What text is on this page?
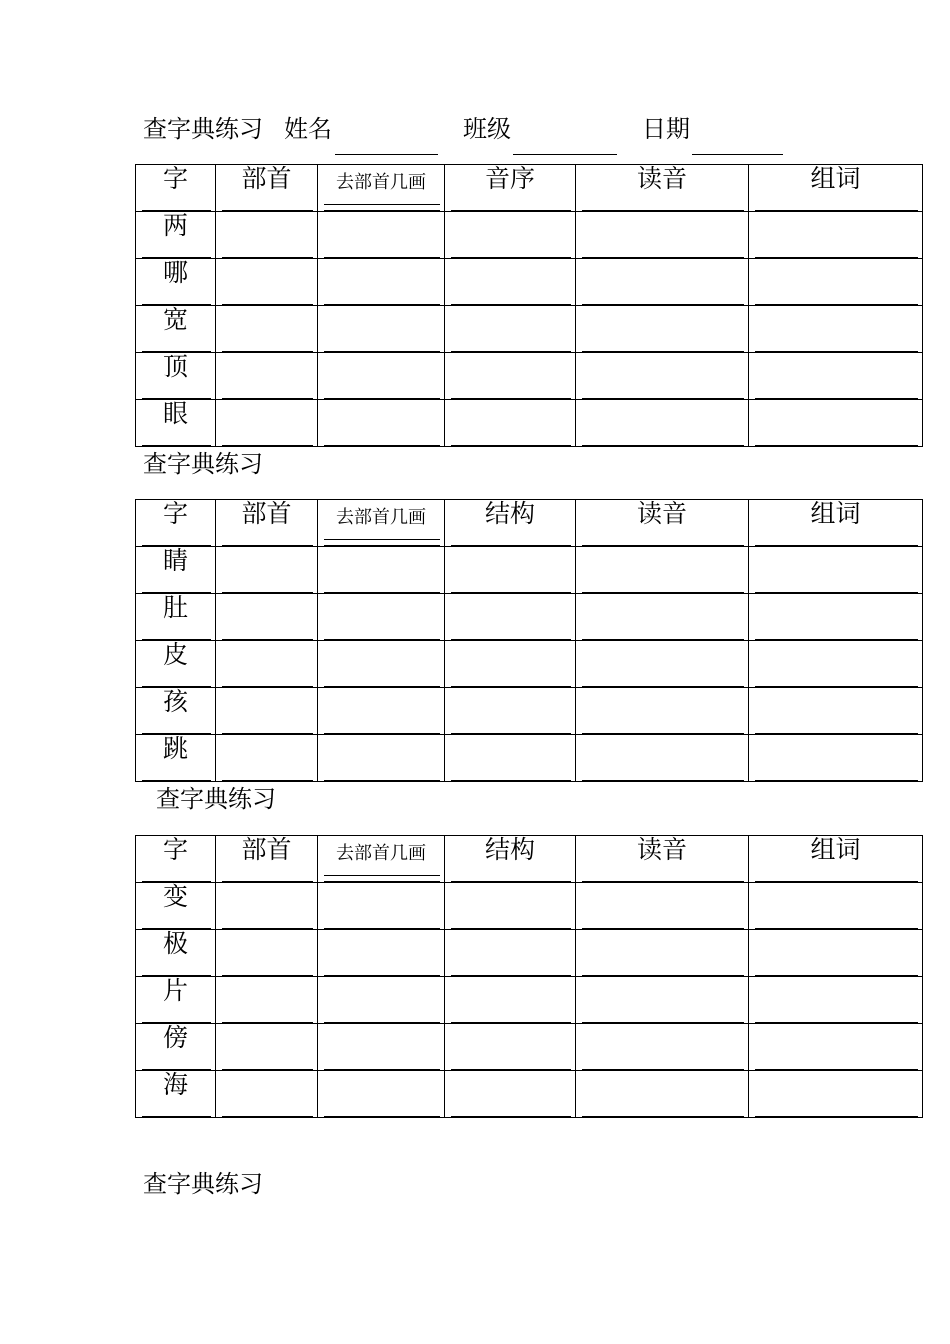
查字典练习 姓名	班级	日期
字	部首	去部首几画	音序	读音	组词

两					

哪					

宽					

顶					

眼					

查字典练习
字	部首	去部首几画	结构	读音	组词

睛					

肚					

皮					

孩					

跳					

查字典练习
字	部首	去部首几画	结构	读音	组词

变					

极					

片					

傍					

海					

查字典练习
